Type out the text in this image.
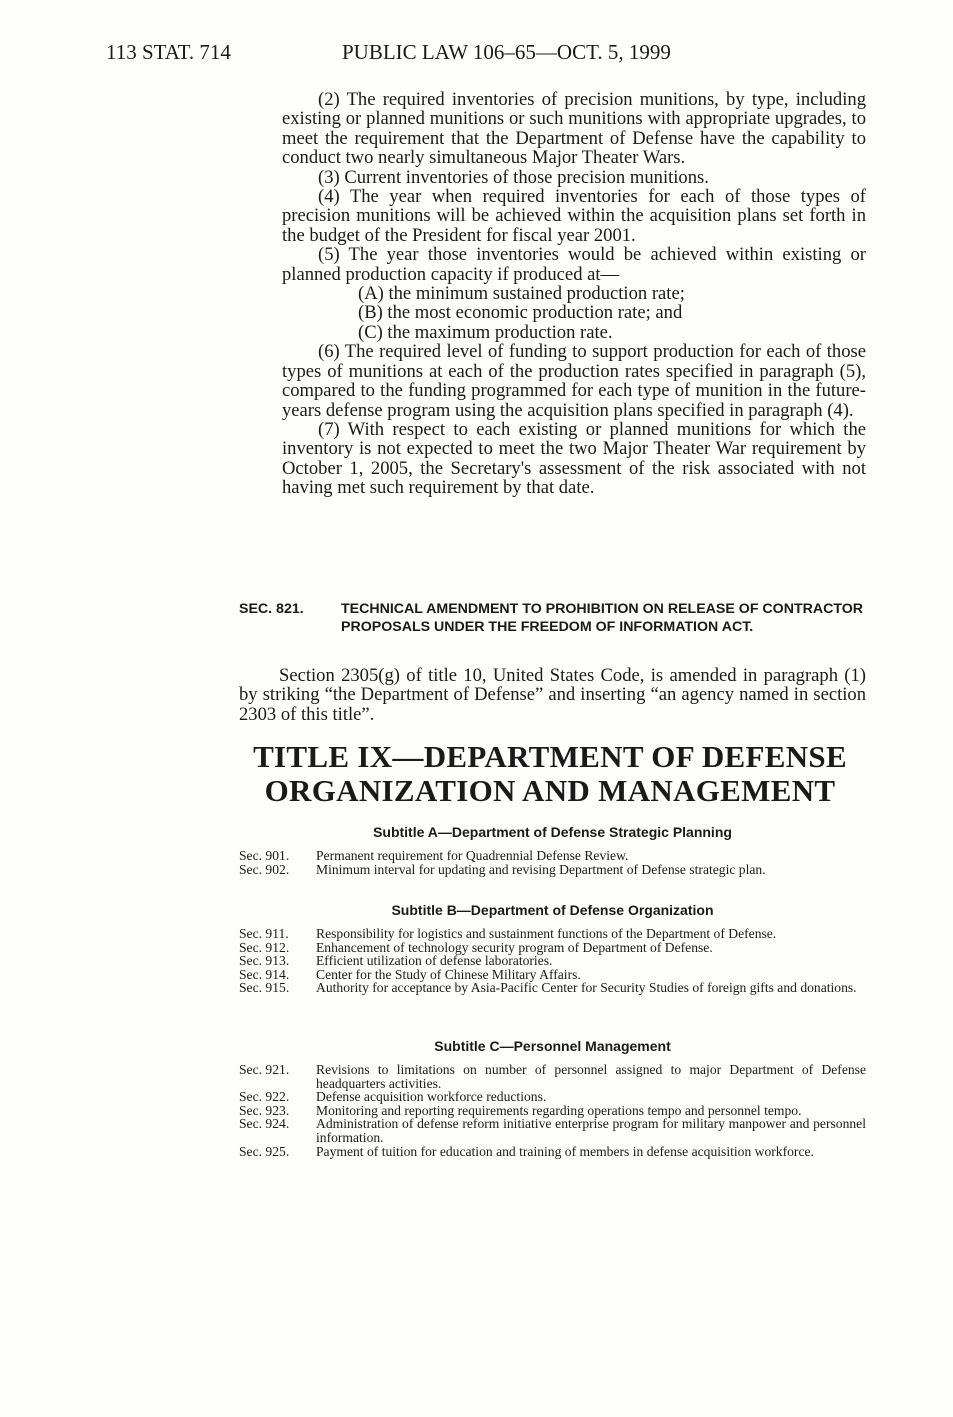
113 STAT. 714	PUBLIC LAW 106–65—OCT. 5, 1999

(2) The required inventories of precision munitions, by type, including existing or planned munitions or such munitions with appropriate upgrades, to meet the requirement that the Department of Defense have the capability to conduct two nearly simultaneous Major Theater Wars.

(3) Current inventories of those precision munitions.

(4) The year when required inventories for each of those types of precision munitions will be achieved within the acquisition plans set forth in the budget of the President for fiscal year 2001.

(5) The year those inventories would be achieved within existing or planned production capacity if produced at—

(A) the minimum sustained production rate;

(B) the most economic production rate; and

(C) the maximum production rate.

(6) The required level of funding to support production for each of those types of munitions at each of the production rates specified in paragraph (5), compared to the funding programmed for each type of munition in the future-years defense program using the acquisition plans specified in paragraph (4).

(7) With respect to each existing or planned munitions for which the inventory is not expected to meet the two Major Theater War requirement by October 1, 2005, the Secretary's assessment of the risk associated with not having met such requirement by that date.

SEC. 821.	TECHNICAL AMENDMENT TO PROHIBITION ON RELEASE OF CONTRACTOR PROPOSALS UNDER THE FREEDOM OF INFORMATION ACT.

Section 2305(g) of title 10, United States Code, is amended in paragraph (1) by striking “the Department of Defense” and inserting “an agency named in section 2303 of this title”.

TITLE IX—DEPARTMENT OF DEFENSE
ORGANIZATION AND MANAGEMENT
Subtitle A—Department of Defense Strategic Planning
Sec. 901.	Permanent requirement for Quadrennial Defense Review.
Sec. 902.	Minimum interval for updating and revising Department of Defense strategic plan.
Subtitle B—Department of Defense Organization
Sec. 911.	Responsibility for logistics and sustainment functions of the Department of Defense.
Sec. 912.	Enhancement of technology security program of Department of Defense.
Sec. 913.	Efficient utilization of defense laboratories.
Sec. 914.	Center for the Study of Chinese Military Affairs.
Sec. 915.	Authority for acceptance by Asia-Pacific Center for Security Studies of foreign gifts and donations.
Subtitle C—Personnel Management
Sec. 921.	Revisions to limitations on number of personnel assigned to major Department of Defense headquarters activities.
Sec. 922.	Defense acquisition workforce reductions.
Sec. 923.	Monitoring and reporting requirements regarding operations tempo and personnel tempo.
Sec. 924.	Administration of defense reform initiative enterprise program for military manpower and personnel information.
Sec. 925.	Payment of tuition for education and training of members in defense acquisition workforce.
